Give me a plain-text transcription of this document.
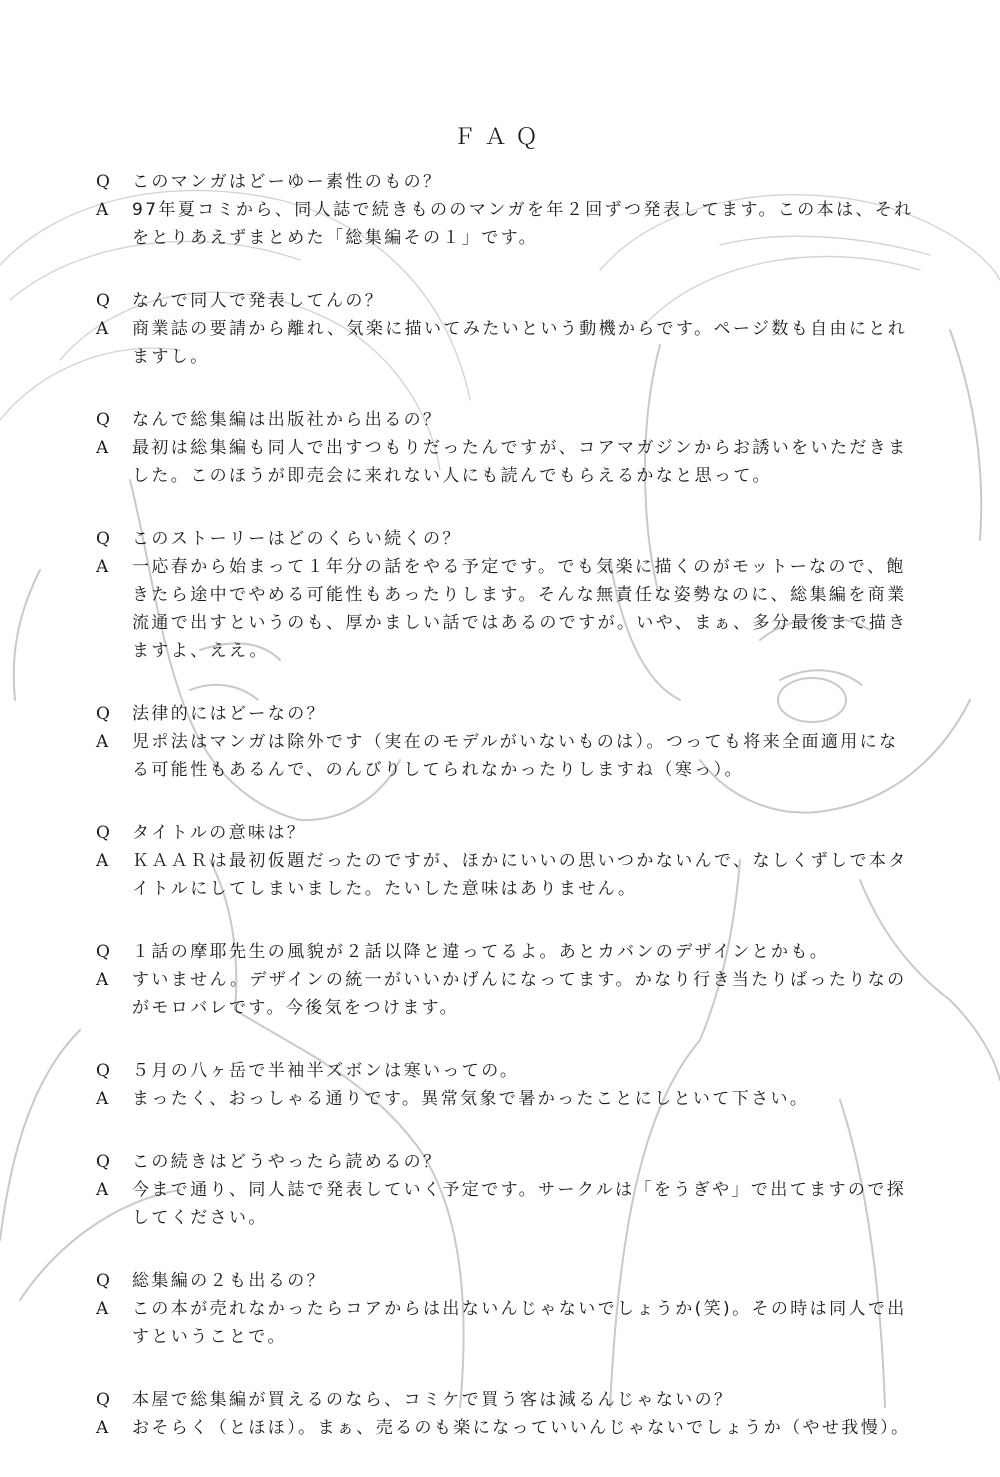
ＦＡＱ
Q このマンガはどーゆー素性のもの？
A 97年夏コミから、同人誌で続きもののマンガを年２回ずつ発表してます。この本は、それをとりあえずまとめた「総集編その１」です。
Q なんで同人で発表してんの？
A 商業誌の要請から離れ、気楽に描いてみたいという動機からです。ページ数も自由にとれますし。
Q なんで総集編は出版社から出るの？
A 最初は総集編も同人で出すつもりだったんですが、コアマガジンからお誘いをいただきました。このほうが即売会に来れない人にも読んでもらえるかなと思って。
Q このストーリーはどのくらい続くの？
A 一応春から始まって１年分の話をやる予定です。でも気楽に描くのがモットーなので、飽きたら途中でやめる可能性もあったりします。そんな無責任な姿勢なのに、総集編を商業流通で出すというのも、厚かましい話ではあるのですが。いや、まぁ、多分最後まで描きますよ、ええ。
Q 法律的にはどーなの？
A 児ポ法はマンガは除外です（実在のモデルがいないものは）。つっても将来全面適用になる可能性もあるんで、のんびりしてられなかったりしますね（寒っ）。
Q タイトルの意味は？
A ＫＡＡＲは最初仮題だったのですが、ほかにいいの思いつかないんで、なしくずしで本タイトルにしてしまいました。たいした意味はありません。
Q １話の摩耶先生の風貌が２話以降と違ってるよ。あとカバンのデザインとかも。
A すいません。デザインの統一がいいかげんになってます。かなり行き当たりばったりなのがモロバレです。今後気をつけます。
Q ５月の八ヶ岳で半袖半ズボンは寒いっての。
A まったく、おっしゃる通りです。異常気象で暑かったことにしといて下さい。
Q この続きはどうやったら読めるの？
A 今まで通り、同人誌で発表していく予定です。サークルは「をうぎや」で出てますので探してください。
Q 総集編の２も出るの？
A この本が売れなかったらコアからは出ないんじゃないでしょうか(笑)。その時は同人で出すということで。
Q 本屋で総集編が買えるのなら、コミケで買う客は減るんじゃないの？
A おそらく（とほほ）。まぁ、売るのも楽になっていいんじゃないでしょうか（やせ我慢）。
